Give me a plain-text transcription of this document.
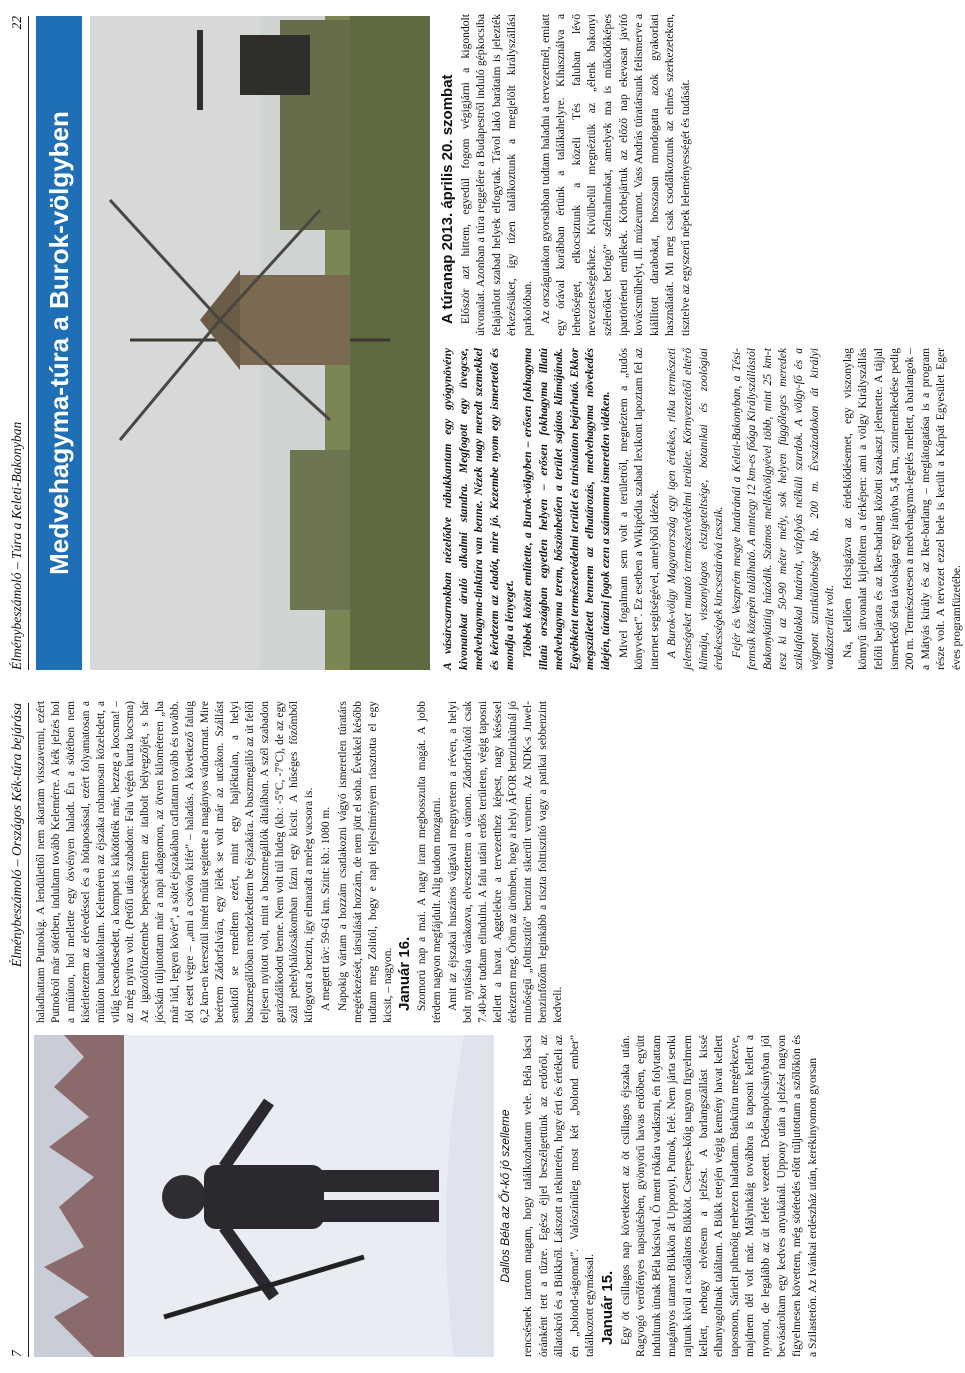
Élménybeszámoló – Túra a Keleti-Bakonyban
22
Medvehagyma-túra a Burok-völgyben	A vásárcsarnokban nézelődve rábukkantam egy gyógynövény kivonatokat áruló alkalmi standra. Megfogott egy üvegcse, medvehagyma-tinktúra van benne. Nézek nagy meredt szemekkel és kérdezem az eladót, mire jó. Kezembe nyom egy ismertetőt és mondja a lényeget. Többek között említette, a Burok-völgyben – erősen fokhagyma illatú országban egyetlen helyen – erősen fokhagyma illatú medvehagyma terem, bőszönbetően a terület sajátos klímájának. Egyébként természetvédelmi terület és turistaúton bejárható. Ekkor megszületett bennem az elhatározás, medvehagyma növekedés idején, túrázni fogok ezen a számomra ismeretlen vidéken. Mivel fogalmam sem volt a területről, megnéztem a „tudós könyveket”. Ez esetben a Wikipédia szabad lexikont lapoztam fel az internet segítségével, amelyből idézek. A Burok-völgy Magyarország egy igen érdekes, ritka természeti jelenségeket mutató természetvédelmi területe. Környezetétől eltérő klímája, viszonylagos elszigeteltsége, botanikai és zoológiai érdekességek kincsestárává tesszik. Fejér és Veszprém megye határánál a Keleti-Bakonyban, a Tési-fennsík közepén található. A mintegy 12 km-es főága Királyszállástól Bakonykútiig húzódik. Számos mellékvölgyével több, mint 25 km-t tesz ki az 50-90 méter mély, sok helyen függőleges meredek sziklafalakkal határolt, vízfolyás nélküli szurdok. A völgy-fő és a végpont szintkülönbsége kb. 200 m. Évszázadokon át királyi vadászterület volt. Na, kellően felcsigázva az érdeklődésemet, egy viszonylag könnyű útvonalat kijelöltem a térképen: ami a völgy Királyszállás felőli bejárata és az Iker-barlang közötti szakaszt jelentette. A tájjal ismerkedő séta távolsága egy irányba 5,4 km, szintemelkedése pedig 200 m. Természetesen a medvehagyma-legelés mellett, a barlangok – a Mátyás király és az Iker-barlang – meglátogatása is a program része volt. A tervezet ezzel bele is került a Kárpát Egyesület Eger éves programfüzetébe.

A túranap 2013. április 20. szombat Először azt hittem, egyedül fogom végigjárni a kigondolt útvonalat. Azonban a túra reggelére a Budapestről induló gépkocsiba felajánlott szabad helyek elfogytak. Távol lakó barátaim is jelezték érkezésüket, így tízen találkoztunk a megjelölt királyszállási parkolóban. Az országutakon gyorsabban tudtam haladni a tervezettnél, emiatt egy órával korábban értünk a találkahelyre. Kihasználva a lehetőséget, elkocsiztunk a közeli Tés faluban lévő nevezetességekhez. Kivülbelül megnéztük az „élenk bakonyi szélerőket befogó” szélmalmokat, amelyek ma is működőképes ipartörténeti emlékek. Körbejártuk az előző nap ekevasat javító kovácsműhelyt, ill. múzeumot. Vass András túratársunk felismerve a kiállított darabokat, hosszasan mondogatta azok gyakorlati használatát. Mi meg csak csodálkoztunk az elmés szerkezeteken, tisztelve az egyszerű népek leleményességét és tudását.

7
Élménybeszámoló – Országos Kék-túra bejárása
Dallos Béla az Őr-kő jó szelleme rencsésnek tartom magam, hogy találkozhattam vele. Béla bácsi óránként tett a tűzre. Egész éjjel beszélgettünk az erdőről, az állatokról és a Bükkről. Látszott a tekintetén, hogy érti és értékeli az én „bolond-ságomat”. Valószínűleg most két „bolond ember” találkozott egymással. Január 15. Egy öt csillagos nap következett az öt csillagos éjszaka után. Ragyogó verőfényes napsütésben, gyönyörű havas erdőben, együtt indultunk útnak Béla bácsival. Ő ment rókára vadászni, én folytattam magányos utamat Bükkön át Upponyi, Putnok, felé. Nem járta senki rajtunk kívül a csodálatos Bükköt. Cserepes-kőig nagyon figyelmem kellett, nehogy elvétsem a jelzést. A barlangszállást kissé elhanyagoltnak találtam. A Bükk tetején végig kemény havat kellett taposnom, Sárielt pihenőig nehezen haladtam. Bánkútra megérkezve, majdnem dél volt már. Mályinkáig továbbra is taposni kellett a nyomot, de legalább az út lefelé vezetett. Dédestapolcsányban jól bevásároltam egy kedves anyukánál. Uppony után a jelzést nagyon figyelmesen követtem, még sötétedés előtt túljutottam a szőlőkön és a Szilastetőn. Az Ivánkai erdészház után, kerékinyomon gyorsan

haladhattam Putnokig. A lendülettől nem akartam visszavenni, ezért Putnokról már sötétben, indultam tovább Kelemérre. A kék jelzés hol a műúton, hol mellette egy ösvényen haladt. Én a sötétben nem kísérleteztem az elévedéssel és a hótaposással, ezért folyamatosan a műúton bandukoltam. Keleméren az éjszaka rohamosan közeledett, a világ lecsendesedett, a kompot is kikötötték már, bezzeg a kocsma! – az még nyitva volt. (Petőfi után szabadon: Falu végén kurta kocsma) Az igazolófüzetembe bepecsételtem az italbolt bélyegzőjét, s bár jócskán túljutottam már a napi adagomon, az ötven kilométeren „ha már lúd, legyen kövér”, a sötét éjszakában caflattam tovább és tovább. Jól esett végre – „ami a csövön kifér” – haladás. A következő faluig 6,2 km-en keresztül ismét műút segítette a magányos vándormat. Mire beértem Zádorfalvára, egy lélek se volt már az utcákon. Szállást senkitől se reméltem ezért, mint egy hajléktalan, a helyi buszmegállóban rendezkedtem be éjszakára. A buszmegálló az út felől teljesen nyitott volt, mint a buszmegállók általában. A szél szabadon garázdálkodott benne. Nem volt túl hideg (kb.: -5°C, -7°C), de az egy szál pehelyhálózsákomban fázni egy kicsit. A hűséges főzőmből kifogyott a benzin, így elmaradt a meleg vacsora is. A megtett táv: 59-61 km. Szint: kb.: 1080 m. Napokig vártam a hozzám csatlakozni vágyó ismeretlen túratárs megérkezését, társulását hozzám, de nem jött el soha. Évekkel később tudtam meg Zolitól, hogy e napi teljesítményem riasztotta el egy kicsit, – nagyon. Január 16. Szomorú nap a mai. A nagy iram megbosszulta magát. A jobb térdem nagyon megfájdult. Alig tudom mozgatni. Amit az éjszakai huszáros vágtával megnyertem a réven, a helyi bolt nyitására várakozva, elvesztettem a vámon. Zádorfalvától csak 7.40-kor tudtam elindulni. A falu utáni erdős területen, végig taposni kellett a havat. Aggtelekre a tervezetthez képest, nagy késéssel érkeztem meg. Öröm az ürömben, hogy a helyi ÁFOR benzinkútnál jó minőségű „folttisztító” benzint sikerült vennem. Az NDK-s Juwel-benzinfőzőm leginkább a tiszta folttisztító vagy a patikai sebbenzint kedveli.
